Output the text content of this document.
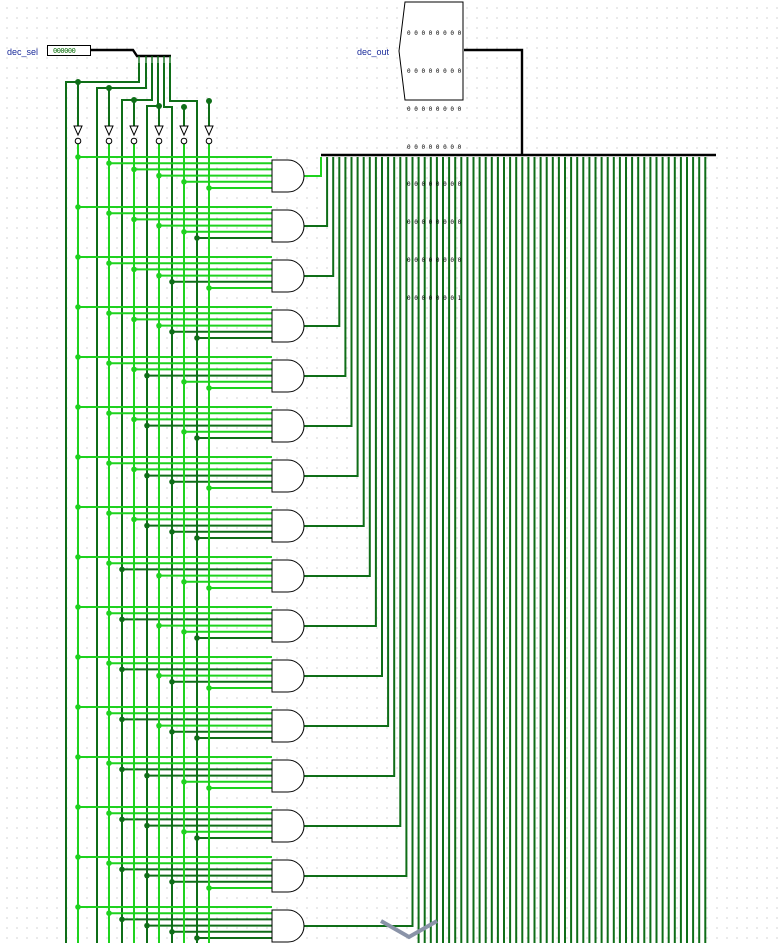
dec_sel 000000	dec_out

0 0 0 0 0 0 0 0

0 0 0 0 0 0 0 0

0 0 0 0 0 0 0 0

0 0 0 0 0 0 0 0

0 0 0 0 0 0 0 0

0 0 0 0 0 0 0 0

0 0 0 0 0 0 0 0

0 0 0 0 0 0 0 1
